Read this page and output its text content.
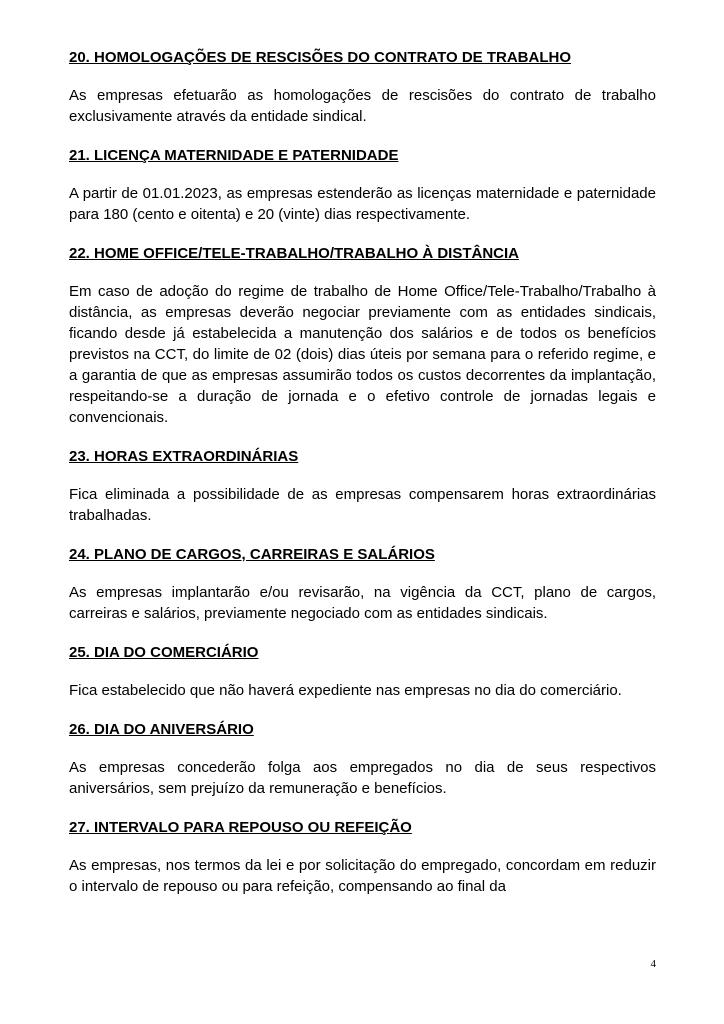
20. HOMOLOGAÇÕES DE RESCISÕES DO CONTRATO DE TRABALHO

As empresas efetuarão as homologações de rescisões do contrato de trabalho exclusivamente através da entidade sindical.

21. LICENÇA MATERNIDADE E PATERNIDADE

A partir de 01.01.2023, as empresas estenderão as licenças maternidade e paternidade para 180 (cento e oitenta) e 20 (vinte) dias respectivamente.

22. HOME OFFICE/TELE-TRABALHO/TRABALHO À DISTÂNCIA

Em caso de adoção do regime de trabalho de Home Office/Tele-Trabalho/Trabalho à distância, as empresas deverão negociar previamente com as entidades sindicais, ficando desde já estabelecida a manutenção dos salários e de todos os benefícios previstos na CCT, do limite de 02 (dois) dias úteis por semana para o referido regime, e a garantia de que as empresas assumirão todos os custos decorrentes da implantação, respeitando-se a duração de jornada e o efetivo controle de jornadas legais e convencionais.

23. HORAS EXTRAORDINÁRIAS

Fica eliminada a possibilidade de as empresas compensarem horas extraordinárias trabalhadas.

24. PLANO DE CARGOS, CARREIRAS E SALÁRIOS

As empresas implantarão e/ou revisarão, na vigência da CCT, plano de cargos, carreiras e salários, previamente negociado com as entidades sindicais.

25. DIA DO COMERCIÁRIO

Fica estabelecido que não haverá expediente nas empresas no dia do comerciário.

26. DIA DO ANIVERSÁRIO

As empresas concederão folga aos empregados no dia de seus respectivos aniversários, sem prejuízo da remuneração e benefícios.

27. INTERVALO PARA REPOUSO OU REFEIÇÃO

As empresas, nos termos da lei e por solicitação do empregado, concordam em reduzir o intervalo de repouso ou para refeição, compensando ao final da

4
